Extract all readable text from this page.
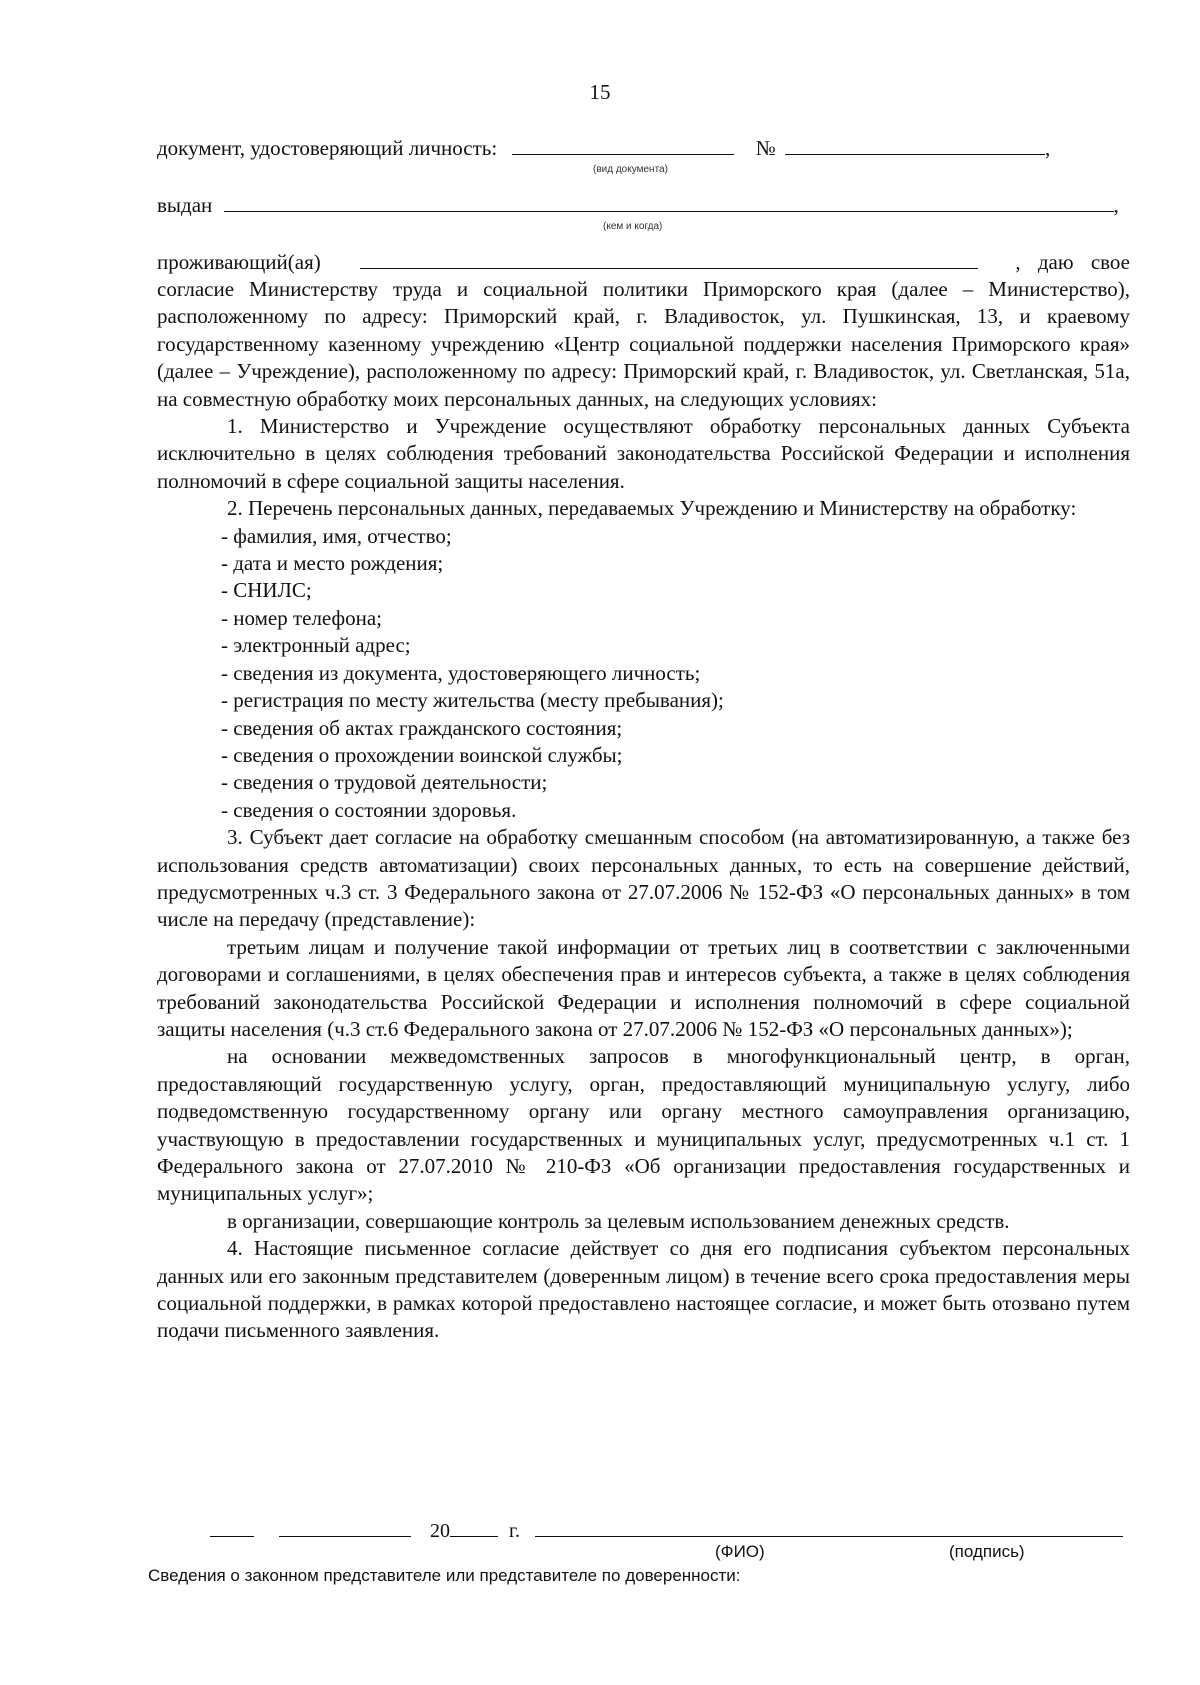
15
документ, удостоверяющий личность:	№	,
(вид документа)
выдан	,
(кем и когда)
проживающий(ая)	, даю свое

согласие Министерству труда и социальной политики Приморского края (далее – Министерство), расположенному по адресу: Приморский край, г. Владивосток, ул. Пушкинская, 13, и краевому государственному казенному учреждению «Центр социальной поддержки населения Приморского края» (далее – Учреждение), расположенному по адресу: Приморский край, г. Владивосток, ул. Светланская, 51а, на совместную обработку моих персональных данных, на следующих условиях:

1. Министерство и Учреждение осуществляют обработку персональных данных Субъекта исключительно в целях соблюдения требований законодательства Российской Федерации и исполнения полномочий в сфере социальной защиты населения.

2. Перечень персональных данных, передаваемых Учреждению и Министерству на обработку:

- фамилия, имя, отчество;

- дата и место рождения;

- СНИЛС;

- номер телефона;

- электронный адрес;

- сведения из документа, удостоверяющего личность;

- регистрация по месту жительства (месту пребывания);

- сведения об актах гражданского состояния;

- сведения о прохождении воинской службы;

- сведения о трудовой деятельности;

- сведения о состоянии здоровья.

3. Субъект дает согласие на обработку смешанным способом (на автоматизированную, а также без использования средств автоматизации) своих персональных данных, то есть на совершение действий, предусмотренных ч.3 ст. 3 Федерального закона от 27.07.2006 № 152-ФЗ «О персональных данных» в том числе на передачу (представление):

третьим лицам и получение такой информации от третьих лиц в соответствии с заключенными договорами и соглашениями, в целях обеспечения прав и интересов субъекта, а также в целях соблюдения требований законодательства Российской Федерации и исполнения полномочий в сфере социальной защиты населения (ч.3 ст.6 Федерального закона от 27.07.2006 № 152-ФЗ «О персональных данных»);

на основании межведомственных запросов в многофункциональный центр, в орган, предоставляющий государственную услугу, орган, предоставляющий муниципальную услугу, либо подведомственную государственному органу или органу местного самоуправления организацию, участвующую в предоставлении государственных и муниципальных услуг, предусмотренных ч.1 ст. 1 Федерального закона от 27.07.2010 № 210-ФЗ «Об организации предоставления государственных и муниципальных услуг»;

в организации, совершающие контроль за целевым использованием денежных средств.

4. Настоящие письменное согласие действует со дня его подписания субъектом персональных данных или его законным представителем (доверенным лицом) в течение всего срока предоставления меры социальной поддержки, в рамках которой предоставлено настоящее согласие, и может быть отозвано путем подачи письменного заявления.

20	г.
(ФИО)	(подпись)
Сведения о законном представителе или представителе по доверенности:
